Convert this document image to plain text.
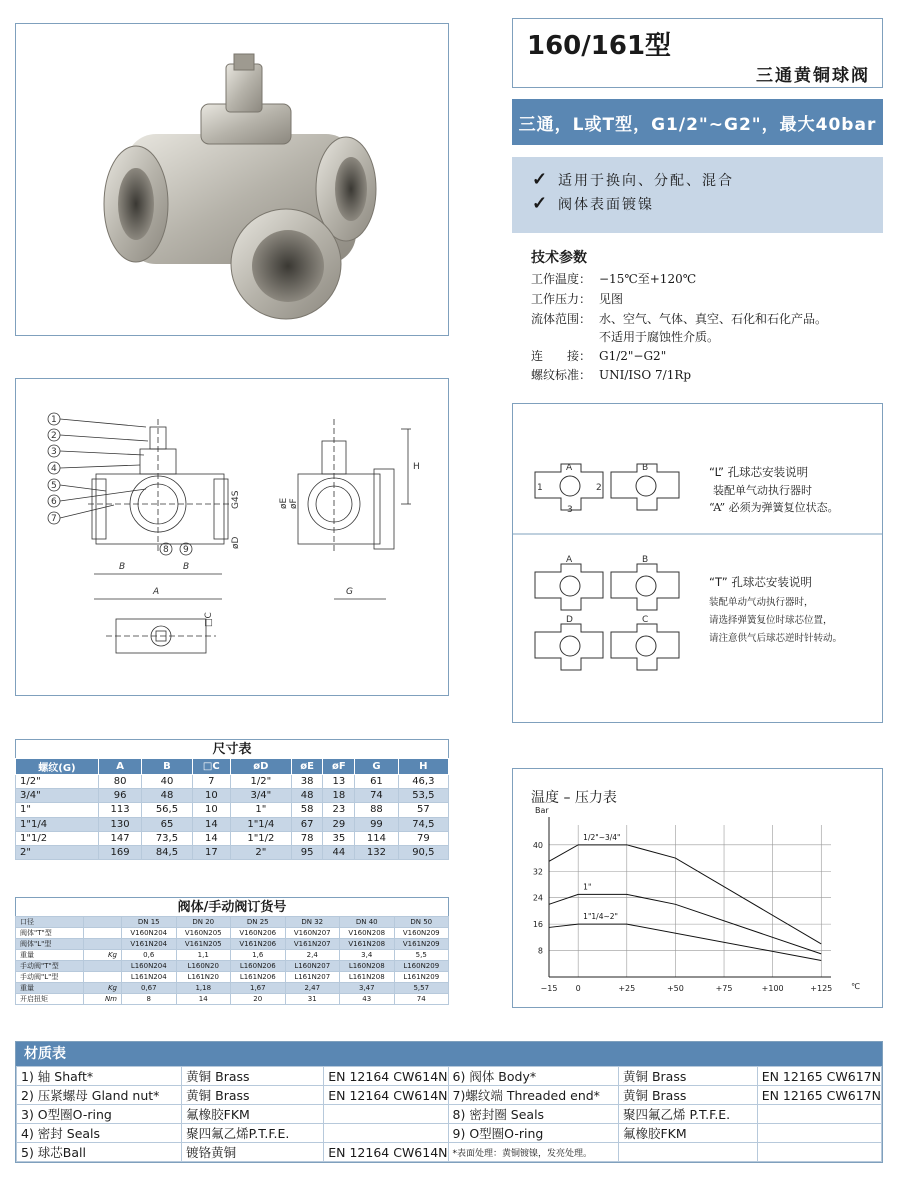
160/161型
三通黄铜球阀
三通，L或T型，G1/2"~G2"，最大40bar
✓ 适用于换向、分配、混合
✓ 阀体表面镀镍
技术参数
工作温度： −15℃至+120℃
工作压力： 见图
流体范围： 水、空气、气体、真空、石化和石化产品。
不适用于腐蚀性介质。
连　　接： G1/2"−G2"
螺纹标准： UNI/ISO 7/1Rp
1
2
3
4
5
6
7
8 9
B	B
A
øD
G4S
H
G
øE øF
□C
A	B
1	2
3
A	B
D	C
“L” 孔球芯安装说明
装配单气动执行器时
“A” 必须为弹簧复位状态。
“T” 孔球芯安装说明
装配单动气动执行器时，
请选择弹簧复位时球芯位置，
请注意供气后球芯逆时针转动。
尺寸表
螺纹(G)	A	B	□C	øD	øE	øF	G	H
1/2"	80	40	7	1/2"	38	13	61	46,3
3/4"	96	48	10	3/4"	48	18	74	53,5
1"	113	56,5	10	1"	58	23	88	57
1"1/4	130	65	14	1"1/4	67	29	99	74,5
1"1/2	147	73,5	14	1"1/2	78	35	114	79
2"	169	84,5	17	2"	95	44	132	90,5
阀体/手动阀订货号
口径		DN 15	DN 20	DN 25	DN 32	DN 40	DN 50
阀体"T"型		V160N204	V160N205	V160N206	V160N207	V160N208	V160N209
阀体"L"型		V161N204	V161N205	V161N206	V161N207	V161N208	V161N209
重量	Kg	0,6	1,1	1,6	2,4	3,4	5,5
手动阀"T"型		L160N204	L160N20	L160N206	L160N207	L160N208	L160N209
手动阀"L"型		L161N204	L161N20	L161N206	L161N207	L161N208	L161N209
重量	Kg	0,67	1,18	1,67	2,47	3,47	5,57
开启扭矩	Nm	8	14	20	31	43	74
温度 – 压力表
8
16
24
32
40
−15 0	+25	+50	+75	+100	+125
Bar
℃
1/2"~3/4"
1"
1"1/4~2"
材质表
1) 轴 Shaft*	黄铜 Brass	EN 12164 CW614N	6) 阀体 Body*	黄铜 Brass	EN 12165 CW617N
2) 压紧螺母 Gland nut*	黄铜 Brass	EN 12164 CW614N	7)螺纹端 Threaded end*	黄铜 Brass	EN 12165 CW617N
3) O型圈O-ring	氟橡胶FKM		8) 密封圈 Seals	聚四氟乙烯 P.T.F.E.	
4) 密封 Seals	聚四氟乙烯P.T.F.E.		9) O型圈O-ring	氟橡胶FKM	
5) 球芯Ball	镀铬黄铜	EN 12164 CW614N	*表面处理：黄铜镀镍，发亮处理。		
